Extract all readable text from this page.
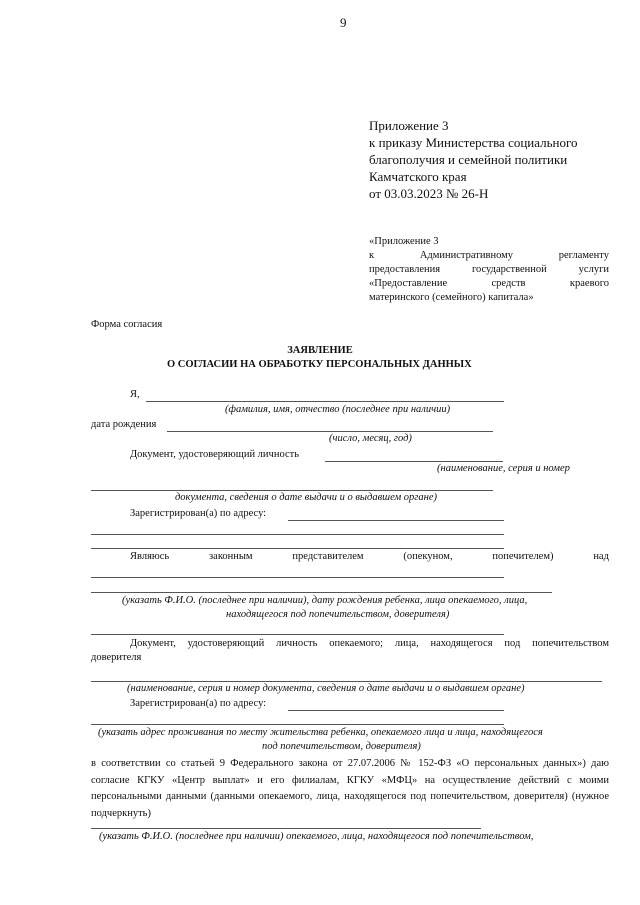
9
Приложение 3
к приказу Министерства социального
благополучия и семейной политики
Камчатского края
от 03.03.2023 № 26-Н
«Приложение 3
к	Административному	регламенту
предоставления	государственной	услуги
«Предоставление	средств	краевого
материнского (семейного) капитала»
Форма согласия
ЗАЯВЛЕНИЕ
О СОГЛАСИИ НА ОБРАБОТКУ ПЕРСОНАЛЬНЫХ ДАННЫХ
Я,
(фамилия, имя, отчество (последнее при наличии)
дата рождения
(число, месяц, год)
Документ, удостоверяющий личность
(наименование, серия и номер
документа, сведения о дате выдачи и о выдавшем органе)
Зарегистрирован(а) по адресу:
Являюсь	законным	представителем	(опекуном,	попечителем)	над
(указать Ф.И.О. (последнее при наличии), дату рождения ребенка, лица опекаемого, лица,
находящегося под попечительством, доверителя)
Документ, удостоверяющий личность опекаемого; лица, находящегося под попечительством
доверителя
(наименование, серия и номер документа, сведения о дате выдачи и о выдавшем органе)
Зарегистрирован(а) по адресу:
(указать адрес проживания по месту жительства ребенка, опекаемого лица и лица, находящегося
под попечительством, доверителя)
в соответствии со статьей 9 Федерального закона от 27.07.2006 № 152-ФЗ «О персональных данных») даю согласие КГКУ «Центр выплат» и его филиалам, КГКУ «МФЦ» на осуществление действий с моими персональными данными (данными опекаемого, лица, находящегося под попечительством, доверителя) (нужное подчеркнуть)
(указать Ф.И.О. (последнее при наличии) опекаемого, лица, находящегося под попечительством,
